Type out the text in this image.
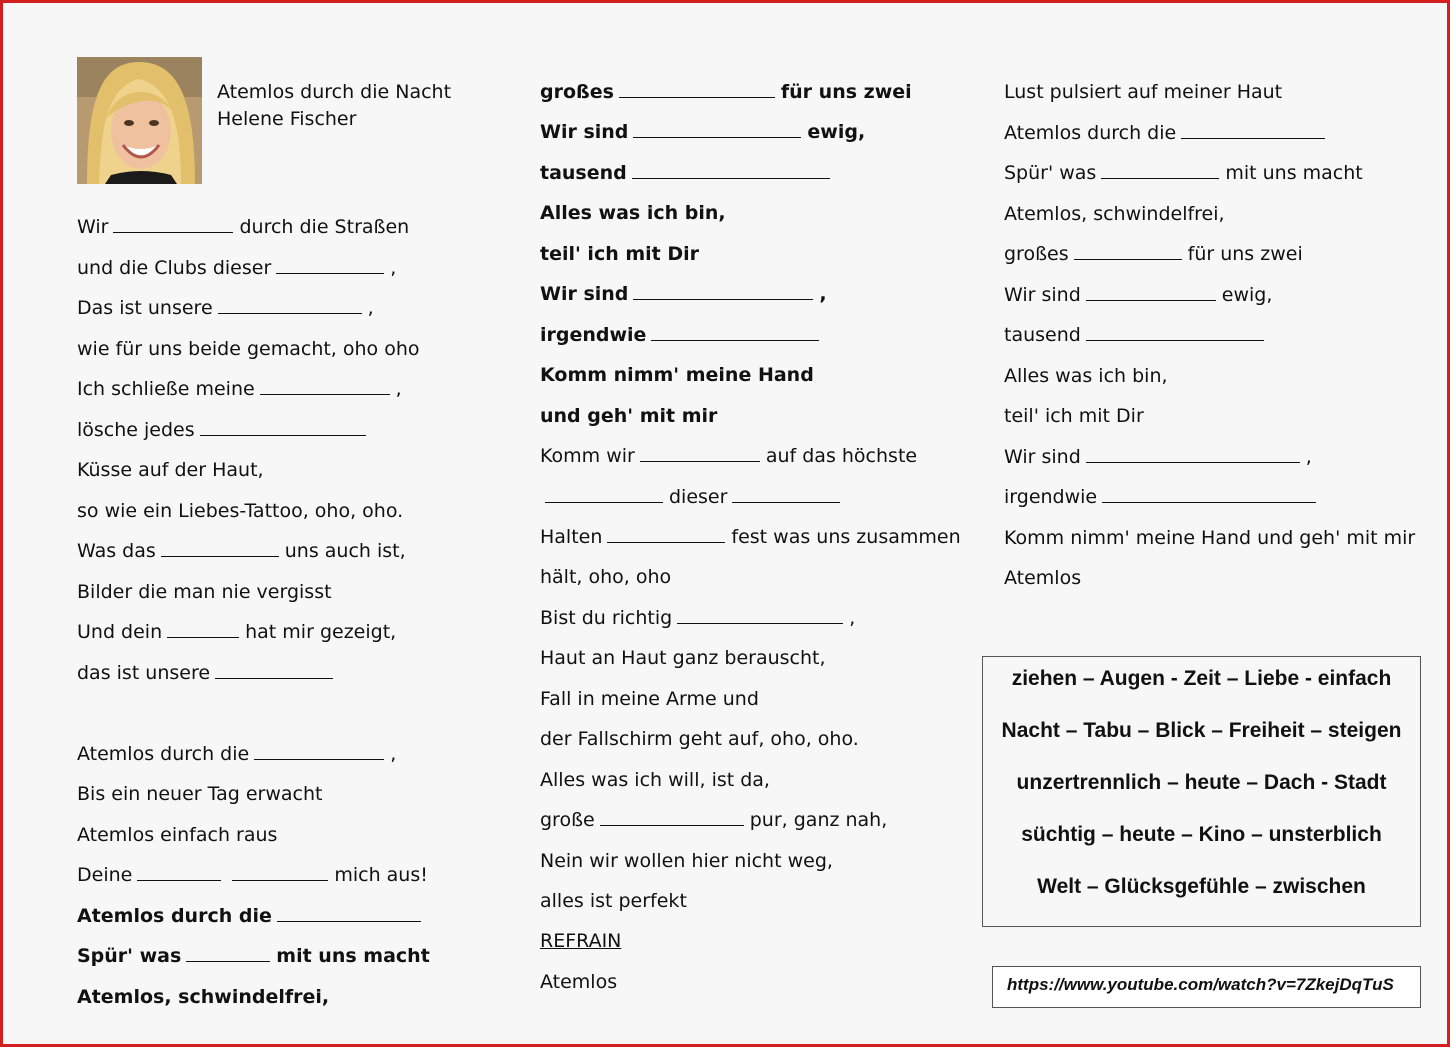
Atemlos durch die Nacht
Helene Fischer
Wir	durch die Straßen
und die Clubs dieser	,
Das ist unsere	,
wie für uns beide gemacht, oho oho
Ich schließe meine	,
lösche jedes
Küsse auf der Haut,
so wie ein Liebes-Tattoo, oho, oho.
Was das	uns auch ist,
Bilder die man nie vergisst
Und dein	hat mir gezeigt,
das ist unsere
Atemlos durch die	,
Bis ein neuer Tag erwacht
Atemlos einfach raus
Deine	mich aus!
Atemlos durch die
Spür' was	mit uns macht
Atemlos, schwindelfrei,
großes	für uns zwei
Wir sind	ewig,
tausend
Alles was ich bin,
teil' ich mit Dir
Wir sind	,
irgendwie
Komm nimm' meine Hand
und geh' mit mir
Komm wir	auf das höchste
dieser
Halten	fest was uns zusammen
hält, oho, oho
Bist du richtig	,
Haut an Haut ganz berauscht,
Fall in meine Arme und
der Fallschirm geht auf, oho, oho.
Alles was ich will, ist da,
große	pur, ganz nah,
Nein wir wollen hier nicht weg,
alles ist perfekt
REFRAIN
Atemlos
Lust pulsiert auf meiner Haut
Atemlos durch die
Spür' was	mit uns macht
Atemlos, schwindelfrei,
großes	für uns zwei
Wir sind	ewig,
tausend
Alles was ich bin,
teil' ich mit Dir
Wir sind	,
irgendwie
Komm nimm' meine Hand und geh' mit mir
Atemlos
ziehen – Augen - Zeit – Liebe - einfach
Nacht – Tabu – Blick – Freiheit – steigen
unzertrennlich – heute – Dach - Stadt
süchtig – heute – Kino – unsterblich
Welt – Glücksgefühle – zwischen
https://www.youtube.com/watch?v=7ZkejDqTuS
